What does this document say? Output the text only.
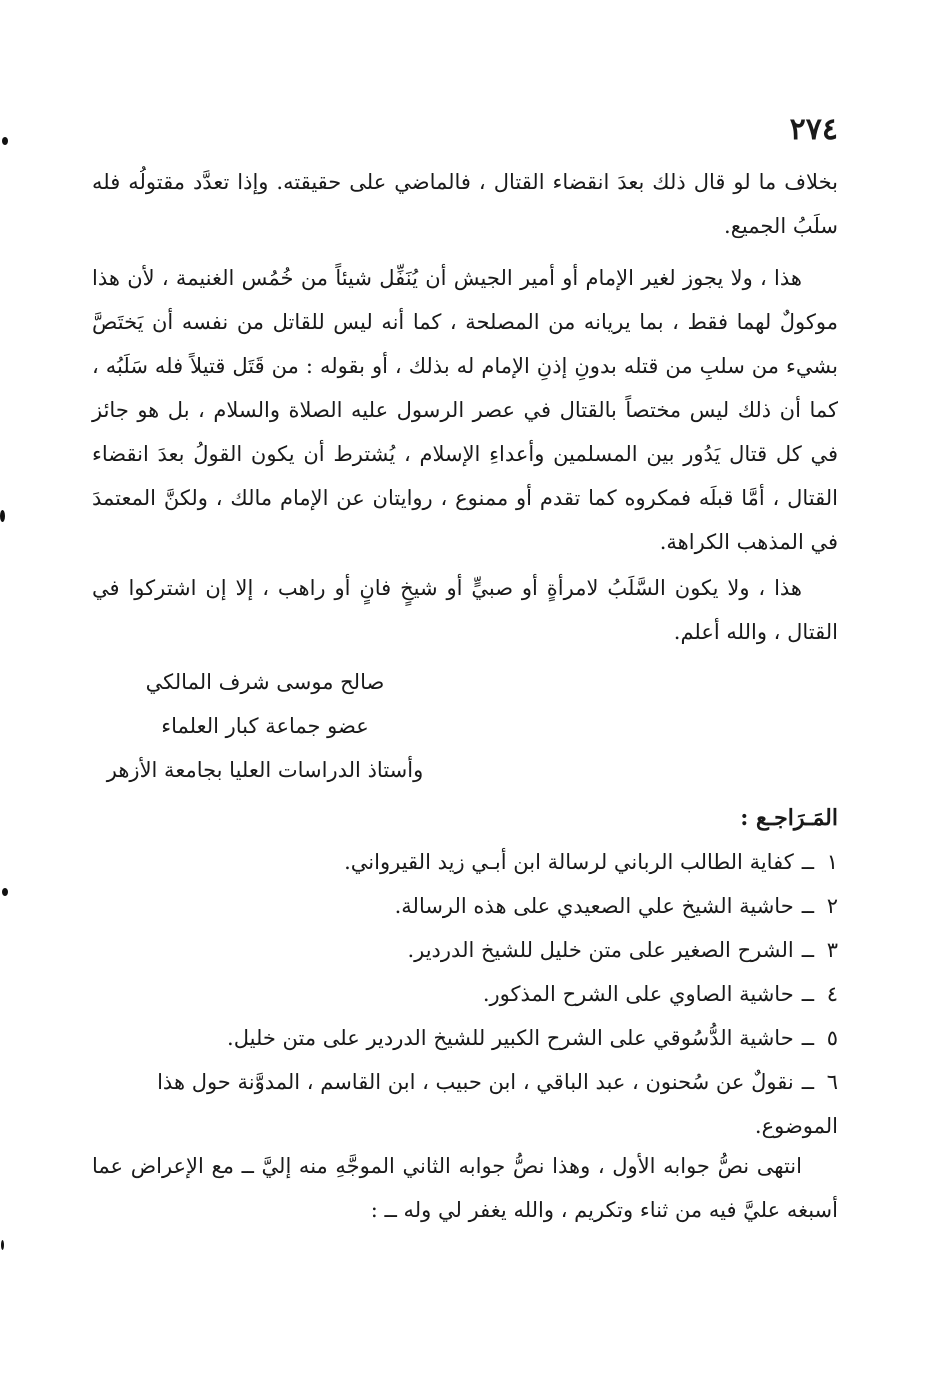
٢٧٤

بخلاف ما لو قال ذلك بعدَ انقضاء القتال ، فالماضي على حقيقته. وإذا تعدَّد مقتولُه فله سلَبُ الجميع.

هذا ، ولا يجوز لغير الإمام أو أمير الجيش أن يُنَفِّل شيئاً من خُمُس الغنيمة ، لأن هذا موكولٌ لهما فقط ، بما يريانه من المصلحة ، كما أنه ليس للقاتل من نفسه أن يَختَصَّ بشيء من سلبِ من قتله بدونِ إذنِ الإمام له بذلك ، أو بقوله : من قَتَل قتيلاً فله سَلَبُه ، كما أن ذلك ليس مختصاً بالقتال في عصر الرسول عليه الصلاة والسلام ، بل هو جائز في كل قتال يَدُور بين المسلمين وأعداءِ الإسلام ، يُشترط أن يكون القولُ بعدَ انقضاء القتال ، أمَّا قبلَه فمكروه كما تقدم أو ممنوع ، روايتان عن الإمام مالك ، ولكنَّ المعتمدَ في المذهب الكراهة.

هذا ، ولا يكون السَّلَبُ لامرأةٍ أو صبيٍّ أو شيخٍ فانٍ أو راهب ، إلا إن اشتركوا في القتال ، والله أعلم.

صالح موسى شرف المالكي
عضو جماعة كبار العلماء
وأستاذ الدراسات العليا بجامعة الأزهر
المَـرَاجـع :
١ــكفاية الطالب الرباني لرسالة ابن أبـي زيد القيرواني.
٢ــحاشية الشيخ علي الصعيدي على هذه الرسالة.
٣ــالشرح الصغير على متن خليل للشيخ الدردير.
٤ــحاشية الصاوي على الشرح المذكور.
٥ــحاشية الدُّسُوقي على الشرح الكبير للشيخ الدردير على متن خليل.
٦ــنقولٌ عن سُحنون ، عبد الباقي ، ابن حبيب ، ابن القاسم ، المدوَّنة حول هذا الموضوع.

انتهى نصُّ جوابه الأول ، وهذا نصُّ جوابه الثاني الموجَّهِ منه إليَّ ــ مع الإعراض عما أسبغه عليَّ فيه من ثناء وتكريم ، والله يغفر لي وله ــ :
